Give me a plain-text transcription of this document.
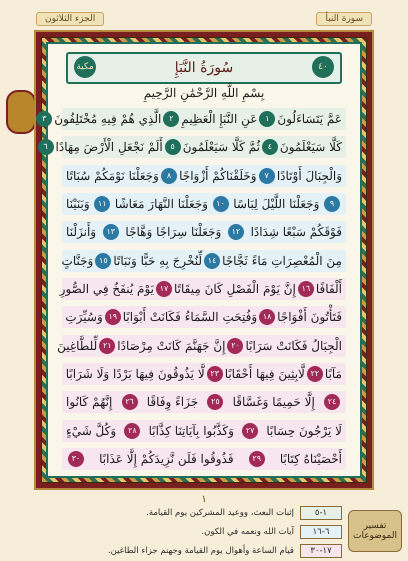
الجزء الثلاثون	سورة النبأ
مكية	سُورَةُ النَّبَإِ	٤٠
بِسْمِ اللَّهِ الرَّحْمَٰنِ الرَّحِيمِ
عَمَّ يَتَسَاءَلُونَ
١
عَنِ النَّبَإِ الْعَظِيمِ
٢
الَّذِي هُمْ فِيهِ مُخْتَلِفُونَ
٣
كَلَّا سَيَعْلَمُونَ
٤
ثُمَّ كَلَّا سَيَعْلَمُونَ
٥
أَلَمْ نَجْعَلِ الْأَرْضَ مِهَادًا
٦
وَالْجِبَالَ أَوْتَادًا
٧
وَخَلَقْنَاكُمْ أَزْوَاجًا
٨
وَجَعَلْنَا نَوْمَكُمْ سُبَاتًا
٩
وَجَعَلْنَا اللَّيْلَ لِبَاسًا
١٠
وَجَعَلْنَا النَّهَارَ مَعَاشًا
١١
وَبَنَيْنَا
فَوْقَكُمْ سَبْعًا شِدَادًا
١٢
وَجَعَلْنَا سِرَاجًا وَهَّاجًا
١٣
وَأَنزَلْنَا
مِنَ الْمُعْصِرَاتِ مَاءً ثَجَّاجًا
١٤
لِّنُخْرِجَ بِهِ حَبًّا وَنَبَاتًا
١٥
وَجَنَّاتٍ
أَلْفَافًا
١٦
إِنَّ يَوْمَ الْفَصْلِ كَانَ مِيقَاتًا
١٧
يَوْمَ يُنفَخُ فِي الصُّورِ
فَتَأْتُونَ أَفْوَاجًا
١٨
وَفُتِحَتِ السَّمَاءُ فَكَانَتْ أَبْوَابًا
١٩
وَسُيِّرَتِ
الْجِبَالُ فَكَانَتْ سَرَابًا
٢٠
إِنَّ جَهَنَّمَ كَانَتْ مِرْصَادًا
٢١
لِّلطَّاغِينَ
مَآبًا
٢٢
لَّابِثِينَ فِيهَا أَحْقَابًا
٢٣
لَّا يَذُوقُونَ فِيهَا بَرْدًا وَلَا شَرَابًا
٢٤
إِلَّا حَمِيمًا وَغَسَّاقًا
٢٥
جَزَاءً وِفَاقًا
٢٦
إِنَّهُمْ كَانُوا
لَا يَرْجُونَ حِسَابًا
٢٧
وَكَذَّبُوا بِآيَاتِنَا كِذَّابًا
٢٨
وَكُلَّ شَيْءٍ
أَحْصَيْنَاهُ كِتَابًا
٢٩
فَذُوقُوا فَلَن نَّزِيدَكُمْ إِلَّا عَذَابًا
٣٠
١
١-٥
إثبات البعث، ووعيد المشركين يوم القيامة.
٦-١٦
آيات الله ونعمه في الكون.
١٧-٣٠
قيام الساعة وأهوال يوم القيامة وجهنم جزاء الطاغين.
تفسير الموضوعات
